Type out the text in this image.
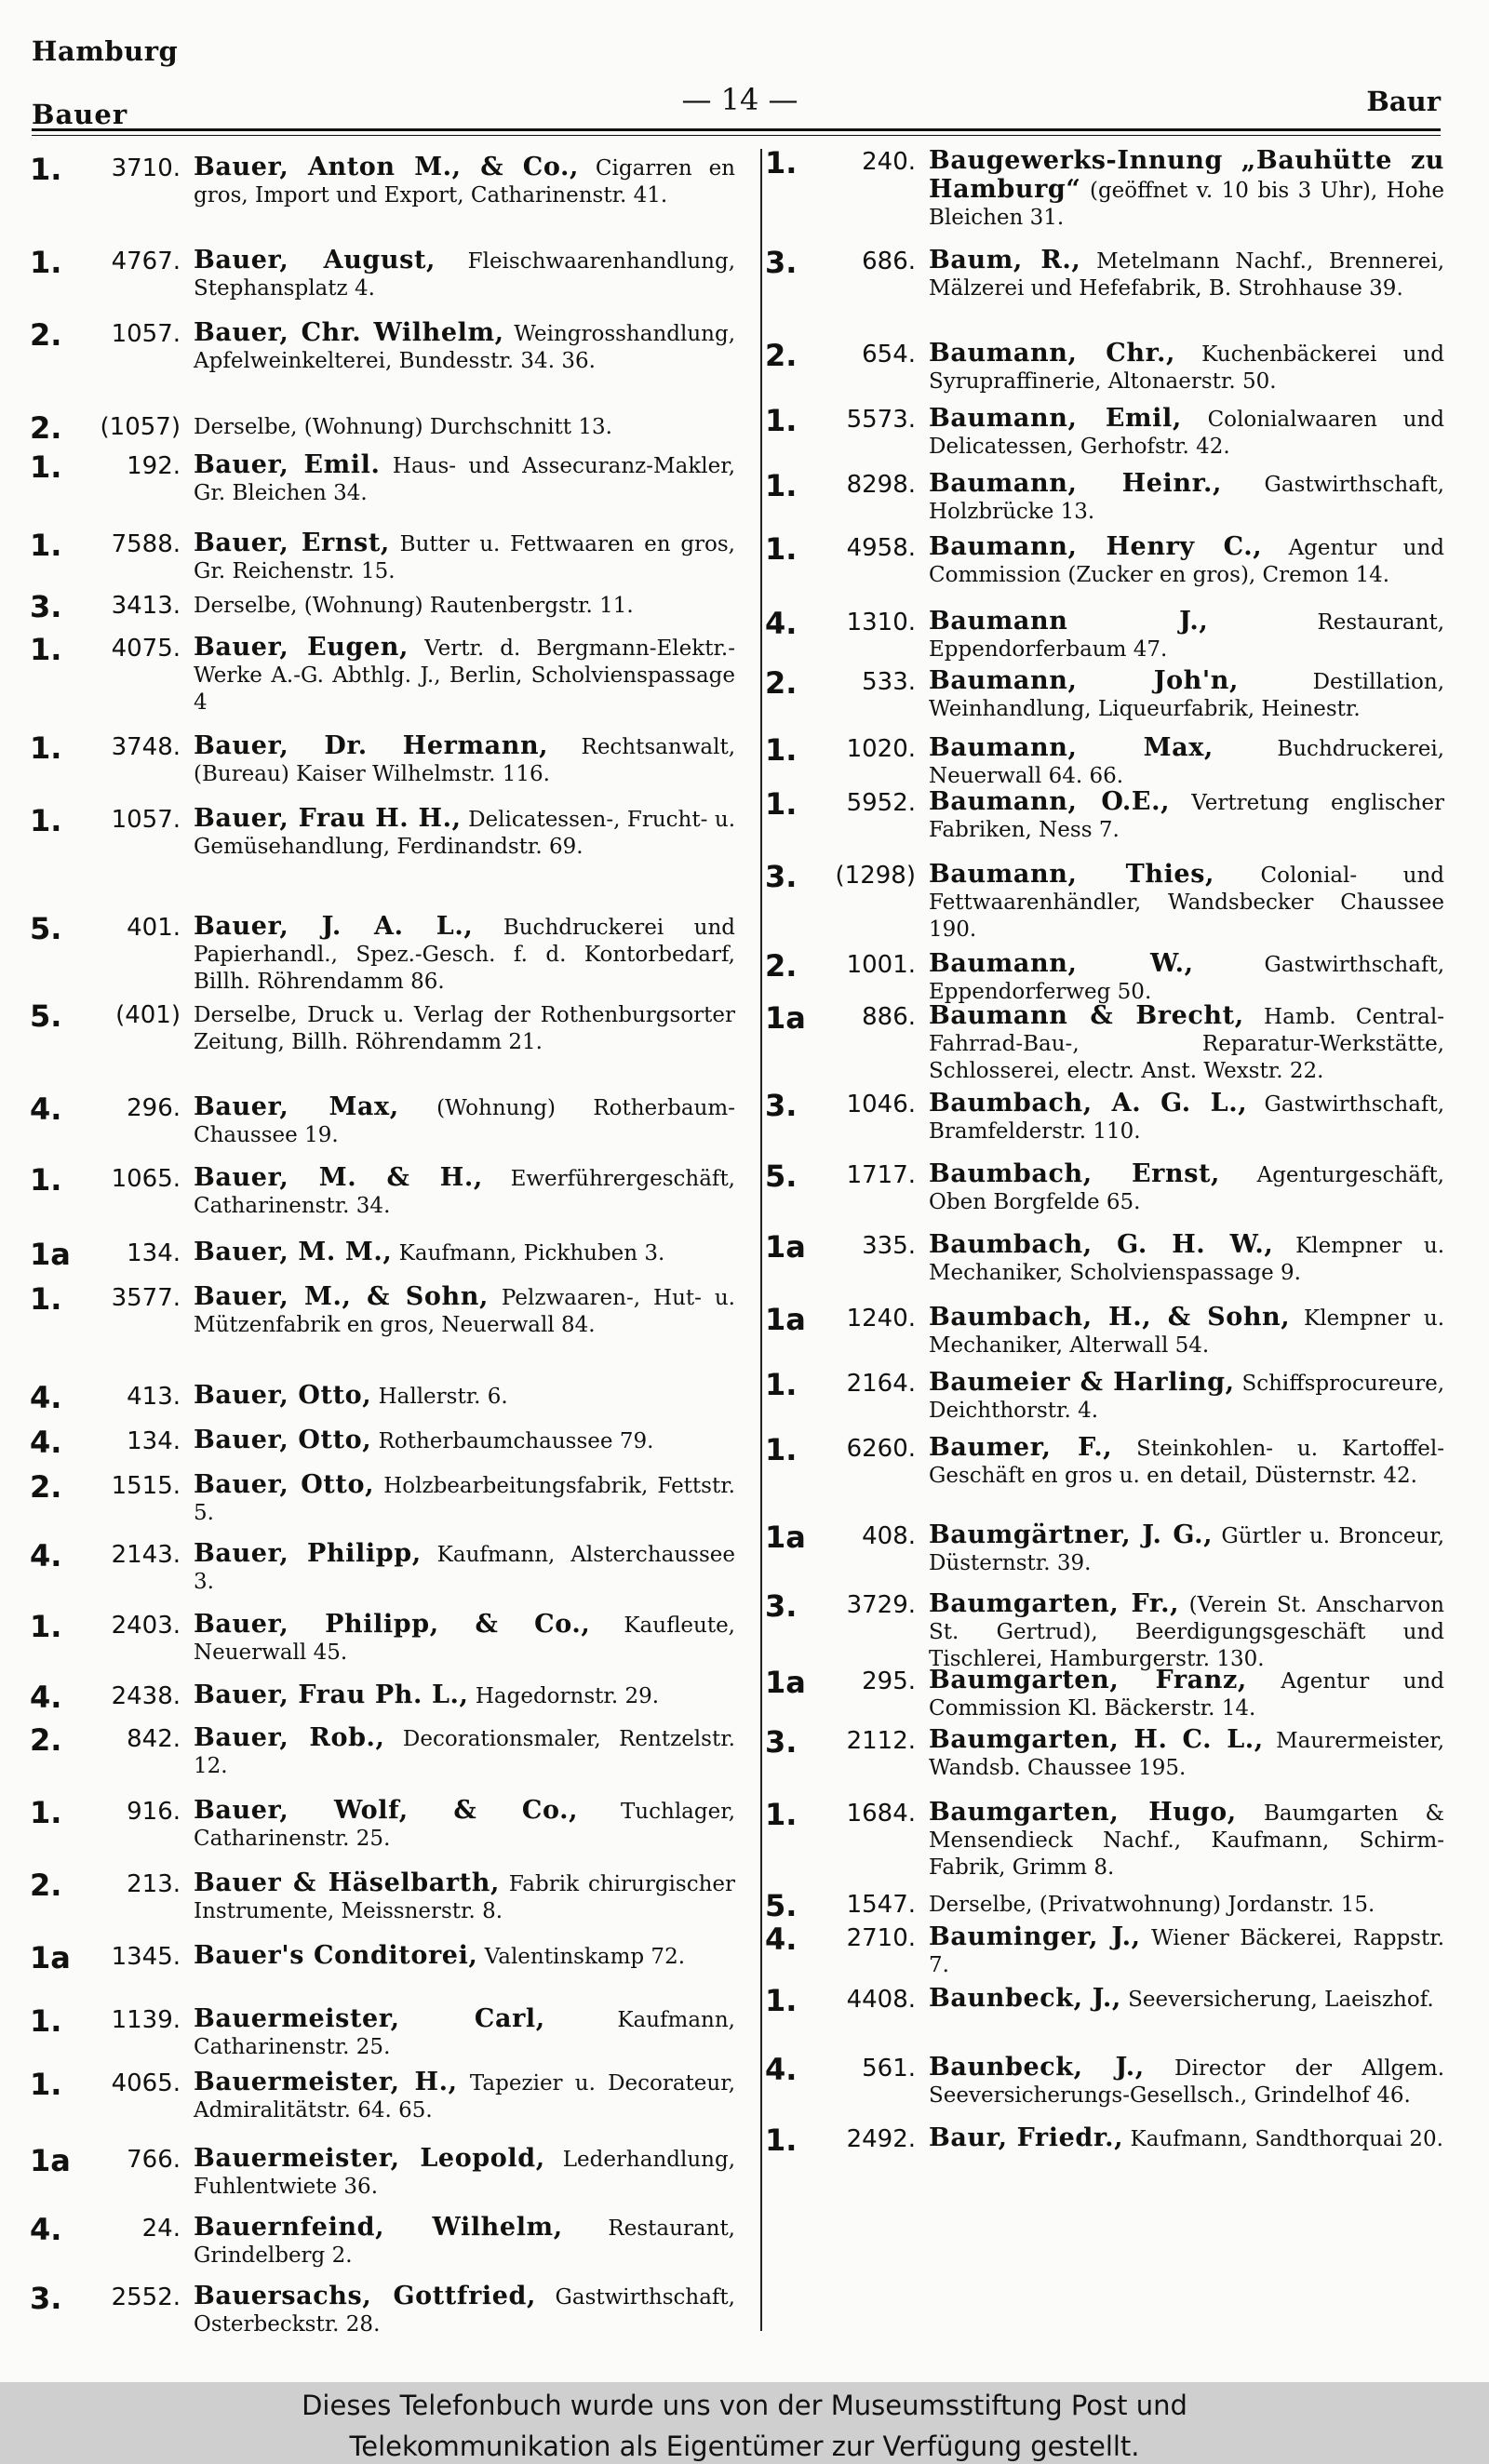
Hamburg
Bauer	— 14 —	Baur
1.	3710. Bauer, Anton M., & Co., Cigarren en gros, Import und Export, Catharinenstr. 41.
1.	4767. Bauer, August, Fleischwaarenhandlung, Stephansplatz 4.
2.	1057. Bauer, Chr. Wilhelm, Weingrosshandlung, Apfelweinkelterei, Bundesstr. 34. 36.
2.	(1057) Derselbe, (Wohnung) Durchschnitt 13.
1.	192. Bauer, Emil. Haus- und Assecuranz-Makler, Gr. Bleichen 34.
1.	7588. Bauer, Ernst, Butter u. Fettwaaren en gros, Gr. Reichenstr. 15.
3.	3413. Derselbe, (Wohnung) Rautenbergstr. 11.
1.	4075. Bauer, Eugen, Vertr. d. Bergmann-Elektr.-Werke A.-G. Abthlg. J., Berlin, Scholvienspassage 4
1.	3748. Bauer, Dr. Hermann, Rechtsanwalt, (Bureau) Kaiser Wilhelmstr. 116.
1.	1057. Bauer, Frau H. H., Delicatessen-, Frucht- u. Gemüsehandlung, Ferdinandstr. 69.
5.	401. Bauer, J. A. L., Buchdruckerei und Papierhandl., Spez.-Gesch. f. d. Kontorbedarf, Billh. Röhrendamm 86.
5.	(401) Derselbe, Druck u. Verlag der Rothenburgsorter Zeitung, Billh. Röhrendamm 21.
4.	296. Bauer, Max, (Wohnung) Rotherbaum-Chaussee 19.
1.	1065. Bauer, M. & H., Ewerführergeschäft, Catharinenstr. 34.
1a	134. Bauer, M. M., Kaufmann, Pickhuben 3.
1.	3577. Bauer, M., & Sohn, Pelzwaaren-, Hut- u. Mützenfabrik en gros, Neuerwall 84.
4.	413. Bauer, Otto, Hallerstr. 6.
4.	134. Bauer, Otto, Rotherbaumchaussee 79.
2.	1515. Bauer, Otto, Holzbearbeitungsfabrik, Fettstr. 5.
4.	2143. Bauer, Philipp, Kaufmann, Alsterchaussee 3.
1.	2403. Bauer, Philipp, & Co., Kaufleute, Neuerwall 45.
4.	2438. Bauer, Frau Ph. L., Hagedornstr. 29.
2.	842. Bauer, Rob., Decorationsmaler, Rentzelstr. 12.
1.	916. Bauer, Wolf, & Co., Tuchlager, Catharinenstr. 25.
2.	213. Bauer & Häselbarth, Fabrik chirurgischer Instrumente, Meissnerstr. 8.
1a	1345. Bauer's Conditorei, Valentinskamp 72.
1.	1139. Bauermeister, Carl,	Kaufmann, Catharinenstr. 25.
1.	4065. Bauermeister, H., Tapezier u. Decorateur, Admiralitätstr. 64. 65.
1a	766. Bauermeister, Leopold, Lederhandlung, Fuhlentwiete 36.
4.	24. Bauernfeind, Wilhelm, Restaurant, Grindelberg 2.
3.	2552. Bauersachs, Gottfried, Gastwirthschaft, Osterbeckstr. 28.
1.	240. Baugewerks-Innung „Bauhütte zu Hamburg“ (geöffnet v. 10 bis 3 Uhr), Hohe Bleichen 31.
3.	686. Baum, R., Metelmann Nachf., Brennerei, Mälzerei und Hefefabrik, B. Strohhause 39.
2.	654. Baumann, Chr., Kuchenbäckerei und Syrupraffinerie, Altonaerstr. 50.
1.	5573. Baumann, Emil, Colonialwaaren und Delicatessen, Gerhofstr. 42.
1.	8298. Baumann, Heinr., Gastwirthschaft, Holzbrücke 13.
1.	4958. Baumann, Henry C., Agentur und Commission (Zucker en gros), Cremon 14.
4.	1310. Baumann J.,	Restaurant, Eppendorferbaum 47.
2.	533. Baumann, Joh'n,	Destillation, Weinhandlung, Liqueurfabrik, Heinestr.
1.	1020. Baumann, Max,	Buchdruckerei, Neuerwall 64. 66.
1.	5952. Baumann, O.E., Vertretung englischer Fabriken, Ness 7.
3.	(1298) Baumann, Thies, Colonial- und Fettwaarenhändler, Wandsbecker Chaussee 190.
2.	1001. Baumann, W.,	Gastwirthschaft, Eppendorferweg 50.
1a	886. Baumann & Brecht, Hamb. Central-Fahrrad-Bau-, Reparatur-Werkstätte, Schlosserei, electr. Anst. Wexstr. 22.
3.	1046. Baumbach, A. G. L., Gastwirthschaft, Bramfelderstr. 110.
5.	1717. Baumbach, Ernst, Agenturgeschäft, Oben Borgfelde 65.
1a	335. Baumbach, G. H. W., Klempner u. Mechaniker, Scholvienspassage 9.
1a	1240. Baumbach, H., & Sohn, Klempner u. Mechaniker, Alterwall 54.
1.	2164. Baumeier & Harling, Schiffsprocureure, Deichthorstr. 4.
1.	6260. Baumer, F., Steinkohlen- u. Kartoffel-Geschäft en gros u. en detail, Düsternstr. 42.
1a	408. Baumgärtner, J. G., Gürtler u. Bronceur, Düsternstr. 39.
3.	3729. Baumgarten, Fr., (Verein St. Anscharvon St. Gertrud), Beerdigungsgeschäft und Tischlerei, Hamburgerstr. 130.
1a	295. Baumgarten, Franz, Agentur und Commission Kl. Bäckerstr. 14.
3.	2112. Baumgarten, H. C. L., Maurermeister, Wandsb. Chaussee 195.
1.	1684. Baumgarten, Hugo, Baumgarten & Mensendieck Nachf., Kaufmann, Schirm-Fabrik, Grimm 8.
5.	1547. Derselbe, (Privatwohnung) Jordanstr. 15.
4.	2710. Bauminger, J., Wiener Bäckerei, Rappstr. 7.
1.	4408. Baunbeck, J., Seeversicherung, Laeiszhof.
4.	561. Baunbeck, J., Director der Allgem. Seeversicherungs-Gesellsch., Grindelhof 46.
1.	2492. Baur, Friedr., Kaufmann, Sandthorquai 20.
Dieses Telefonbuch wurde uns von der Museumsstiftung Post und
Telekommunikation als Eigentümer zur Verfügung gestellt.
